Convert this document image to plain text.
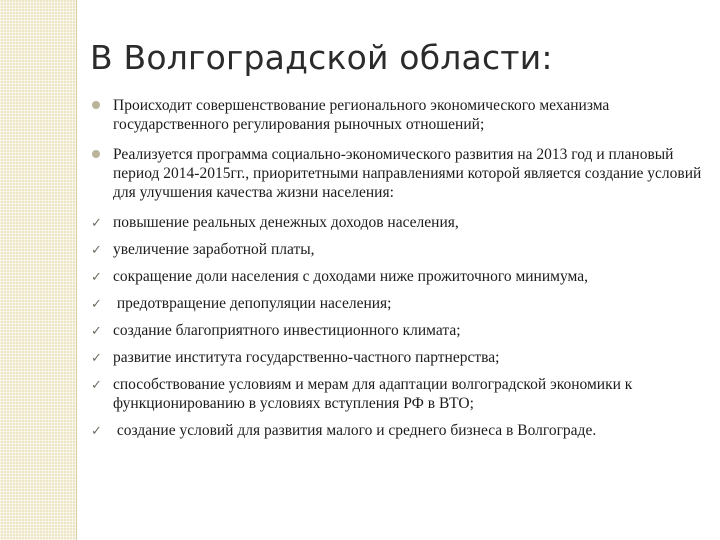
В Волгоградской области:
Происходит совершенствование регионального экономического механизма государственного регулирования рыночных отношений;
Реализуется программа социально-экономического развития на 2013 год и плановый период 2014-2015гг., приоритетными направлениями которой является создание условий для улучшения качества жизни населения:
✓ повышение реальных денежных доходов населения,
✓ увеличение заработной платы,
✓ сокращение доли населения с доходами ниже прожиточного минимума,
✓ предотвращение депопуляции населения;
✓ создание благоприятного инвестиционного климата;
✓ развитие института государственно-частного партнерства;
✓ способствование условиям и мерам для адаптации волгоградской экономики к функционированию в условиях вступления РФ в ВТО;
✓ создание условий для развития малого и среднего бизнеса в Волгограде.
